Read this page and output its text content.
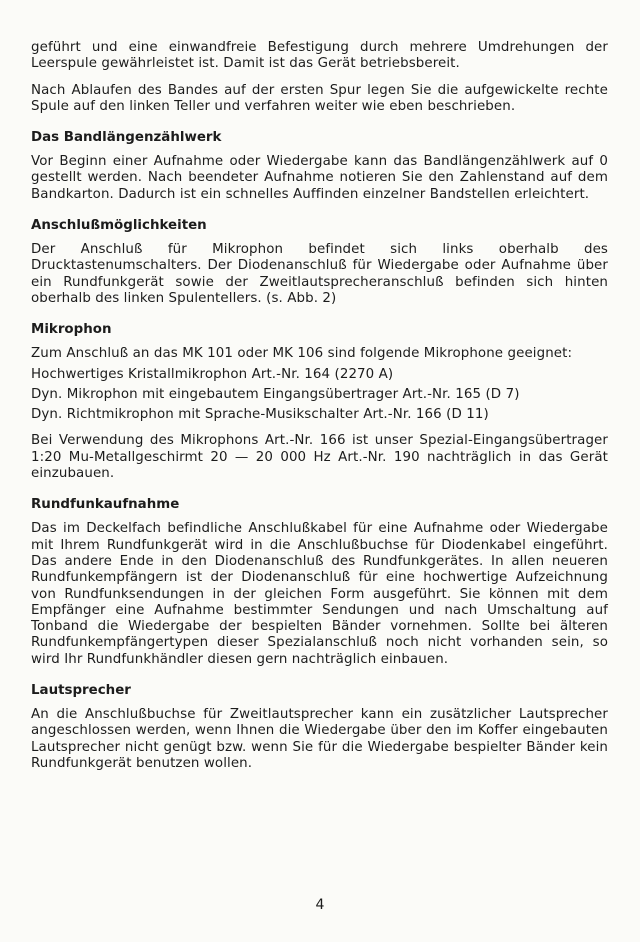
geführt und eine einwandfreie Befestigung durch mehrere Umdrehungen der Leerspule gewährleistet ist. Damit ist das Gerät betriebsbereit.

Nach Ablaufen des Bandes auf der ersten Spur legen Sie die aufgewickelte rechte Spule auf den linken Teller und verfahren weiter wie eben beschrieben.

Das Bandlängenzählwerk

Vor Beginn einer Aufnahme oder Wiedergabe kann das Bandlängenzählwerk auf 0 gestellt werden. Nach beendeter Aufnahme notieren Sie den Zahlenstand auf dem Bandkarton. Dadurch ist ein schnelles Auffinden einzelner Bandstellen erleichtert.

Anschlußmöglichkeiten

Der Anschluß für Mikrophon befindet sich links oberhalb des Drucktastenumschalters. Der Diodenanschluß für Wiedergabe oder Aufnahme über ein Rundfunkgerät sowie der Zweitlautsprecheranschluß befinden sich hinten oberhalb des linken Spulentellers. (s. Abb. 2)

Mikrophon

Zum Anschluß an das MK 101 oder MK 106 sind folgende Mikrophone geeignet:

Hochwertiges Kristallmikrophon Art.-Nr. 164 (2270 A)

Dyn. Mikrophon mit eingebautem Eingangsübertrager Art.-Nr. 165 (D 7)

Dyn. Richtmikrophon mit Sprache-Musikschalter Art.-Nr. 166 (D 11)

Bei Verwendung des Mikrophons Art.-Nr. 166 ist unser Spezial-Eingangsübertrager 1:20 Mu-Metallgeschirmt 20 — 20 000 Hz Art.-Nr. 190 nachträglich in das Gerät einzubauen.

Rundfunkaufnahme

Das im Deckelfach befindliche Anschlußkabel für eine Aufnahme oder Wiedergabe mit Ihrem Rundfunkgerät wird in die Anschlußbuchse für Diodenkabel eingeführt. Das andere Ende in den Diodenanschluß des Rundfunkgerätes. In allen neueren Rundfunkempfängern ist der Diodenanschluß für eine hochwertige Aufzeichnung von Rundfunksendungen in der gleichen Form ausgeführt. Sie können mit dem Empfänger eine Aufnahme bestimmter Sendungen und nach Umschaltung auf Tonband die Wiedergabe der bespielten Bänder vornehmen. Sollte bei älteren Rundfunkempfängertypen dieser Spezialanschluß noch nicht vorhanden sein, so wird Ihr Rundfunkhändler diesen gern nachträglich einbauen.

Lautsprecher

An die Anschlußbuchse für Zweitlautsprecher kann ein zusätzlicher Lautsprecher angeschlossen werden, wenn Ihnen die Wiedergabe über den im Koffer eingebauten Lautsprecher nicht genügt bzw. wenn Sie für die Wiedergabe bespielter Bänder kein Rundfunkgerät benutzen wollen.

4
